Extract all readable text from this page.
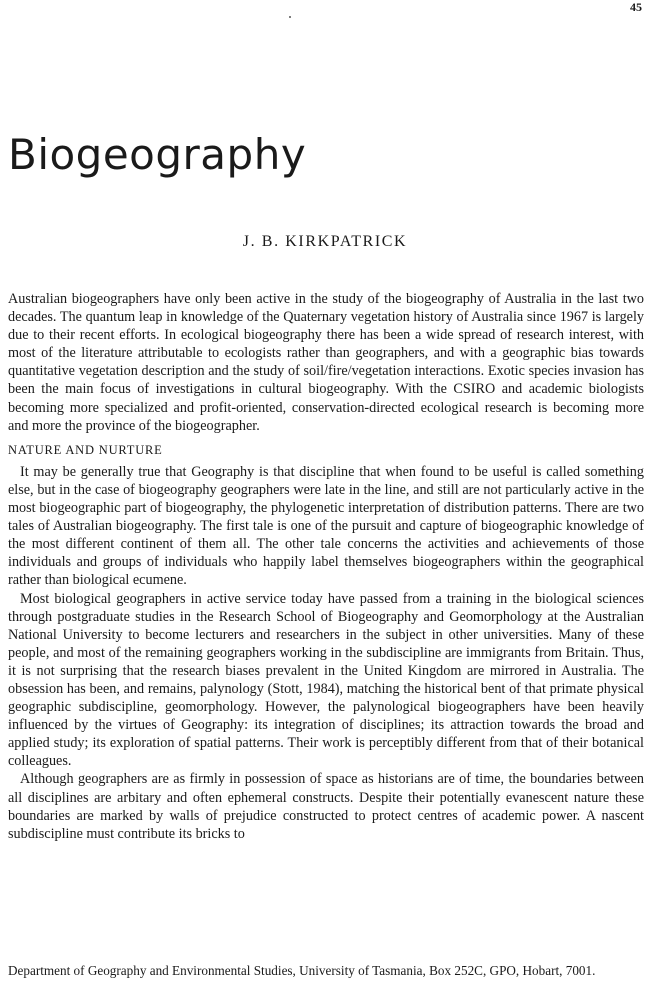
45
Biogeography
J. B. KIRKPATRICK

Australian biogeographers have only been active in the study of the biogeography of Australia in the last two decades. The quantum leap in knowledge of the Quaternary vegetation history of Australia since 1967 is largely due to their recent efforts. In ecological biogeography there has been a wide spread of research interest, with most of the literature attributable to ecologists rather than geographers, and with a geographic bias towards quantitative vegetation description and the study of soil/fire/vegetation interactions. Exotic species invasion has been the main focus of investigations in cultural biogeography. With the CSIRO and academic biologists becoming more specialized and profit-oriented, conservation-directed ecological research is becoming more and more the province of the biogeographer.

NATURE AND NURTURE

It may be generally true that Geography is that discipline that when found to be useful is called something else, but in the case of biogeography geographers were late in the line, and still are not particularly active in the most biogeographic part of biogeography, the phylogenetic interpretation of distribution patterns. There are two tales of Australian biogeography. The first tale is one of the pursuit and capture of biogeographic knowledge of the most different continent of them all. The other tale concerns the activities and achievements of those individuals and groups of individuals who happily label themselves biogeographers within the geographical rather than biological ecumene.

Most biological geographers in active service today have passed from a training in the biological sciences through postgraduate studies in the Research School of Biogeography and Geomorphology at the Australian National University to become lecturers and researchers in the subject in other universities. Many of these people, and most of the remaining geographers working in the subdiscipline are immigrants from Britain. Thus, it is not surprising that the research biases prevalent in the United Kingdom are mirrored in Australia. The obsession has been, and remains, palynology (Stott, 1984), matching the historical bent of that primate physical geographic subdiscipline, geomorphology. However, the palynological biogeographers have been heavily influenced by the virtues of Geography: its integration of disciplines; its attraction towards the broad and applied study; its exploration of spatial patterns. Their work is perceptibly different from that of their botanical colleagues.

Although geographers are as firmly in possession of space as historians are of time, the boundaries between all disciplines are arbitary and often ephemeral constructs. Despite their potentially evanescent nature these boundaries are marked by walls of prejudice constructed to protect centres of academic power. A nascent subdiscipline must contribute its bricks to

Department of Geography and Environmental Studies, University of Tasmania, Box 252C, GPO, Hobart, 7001.
